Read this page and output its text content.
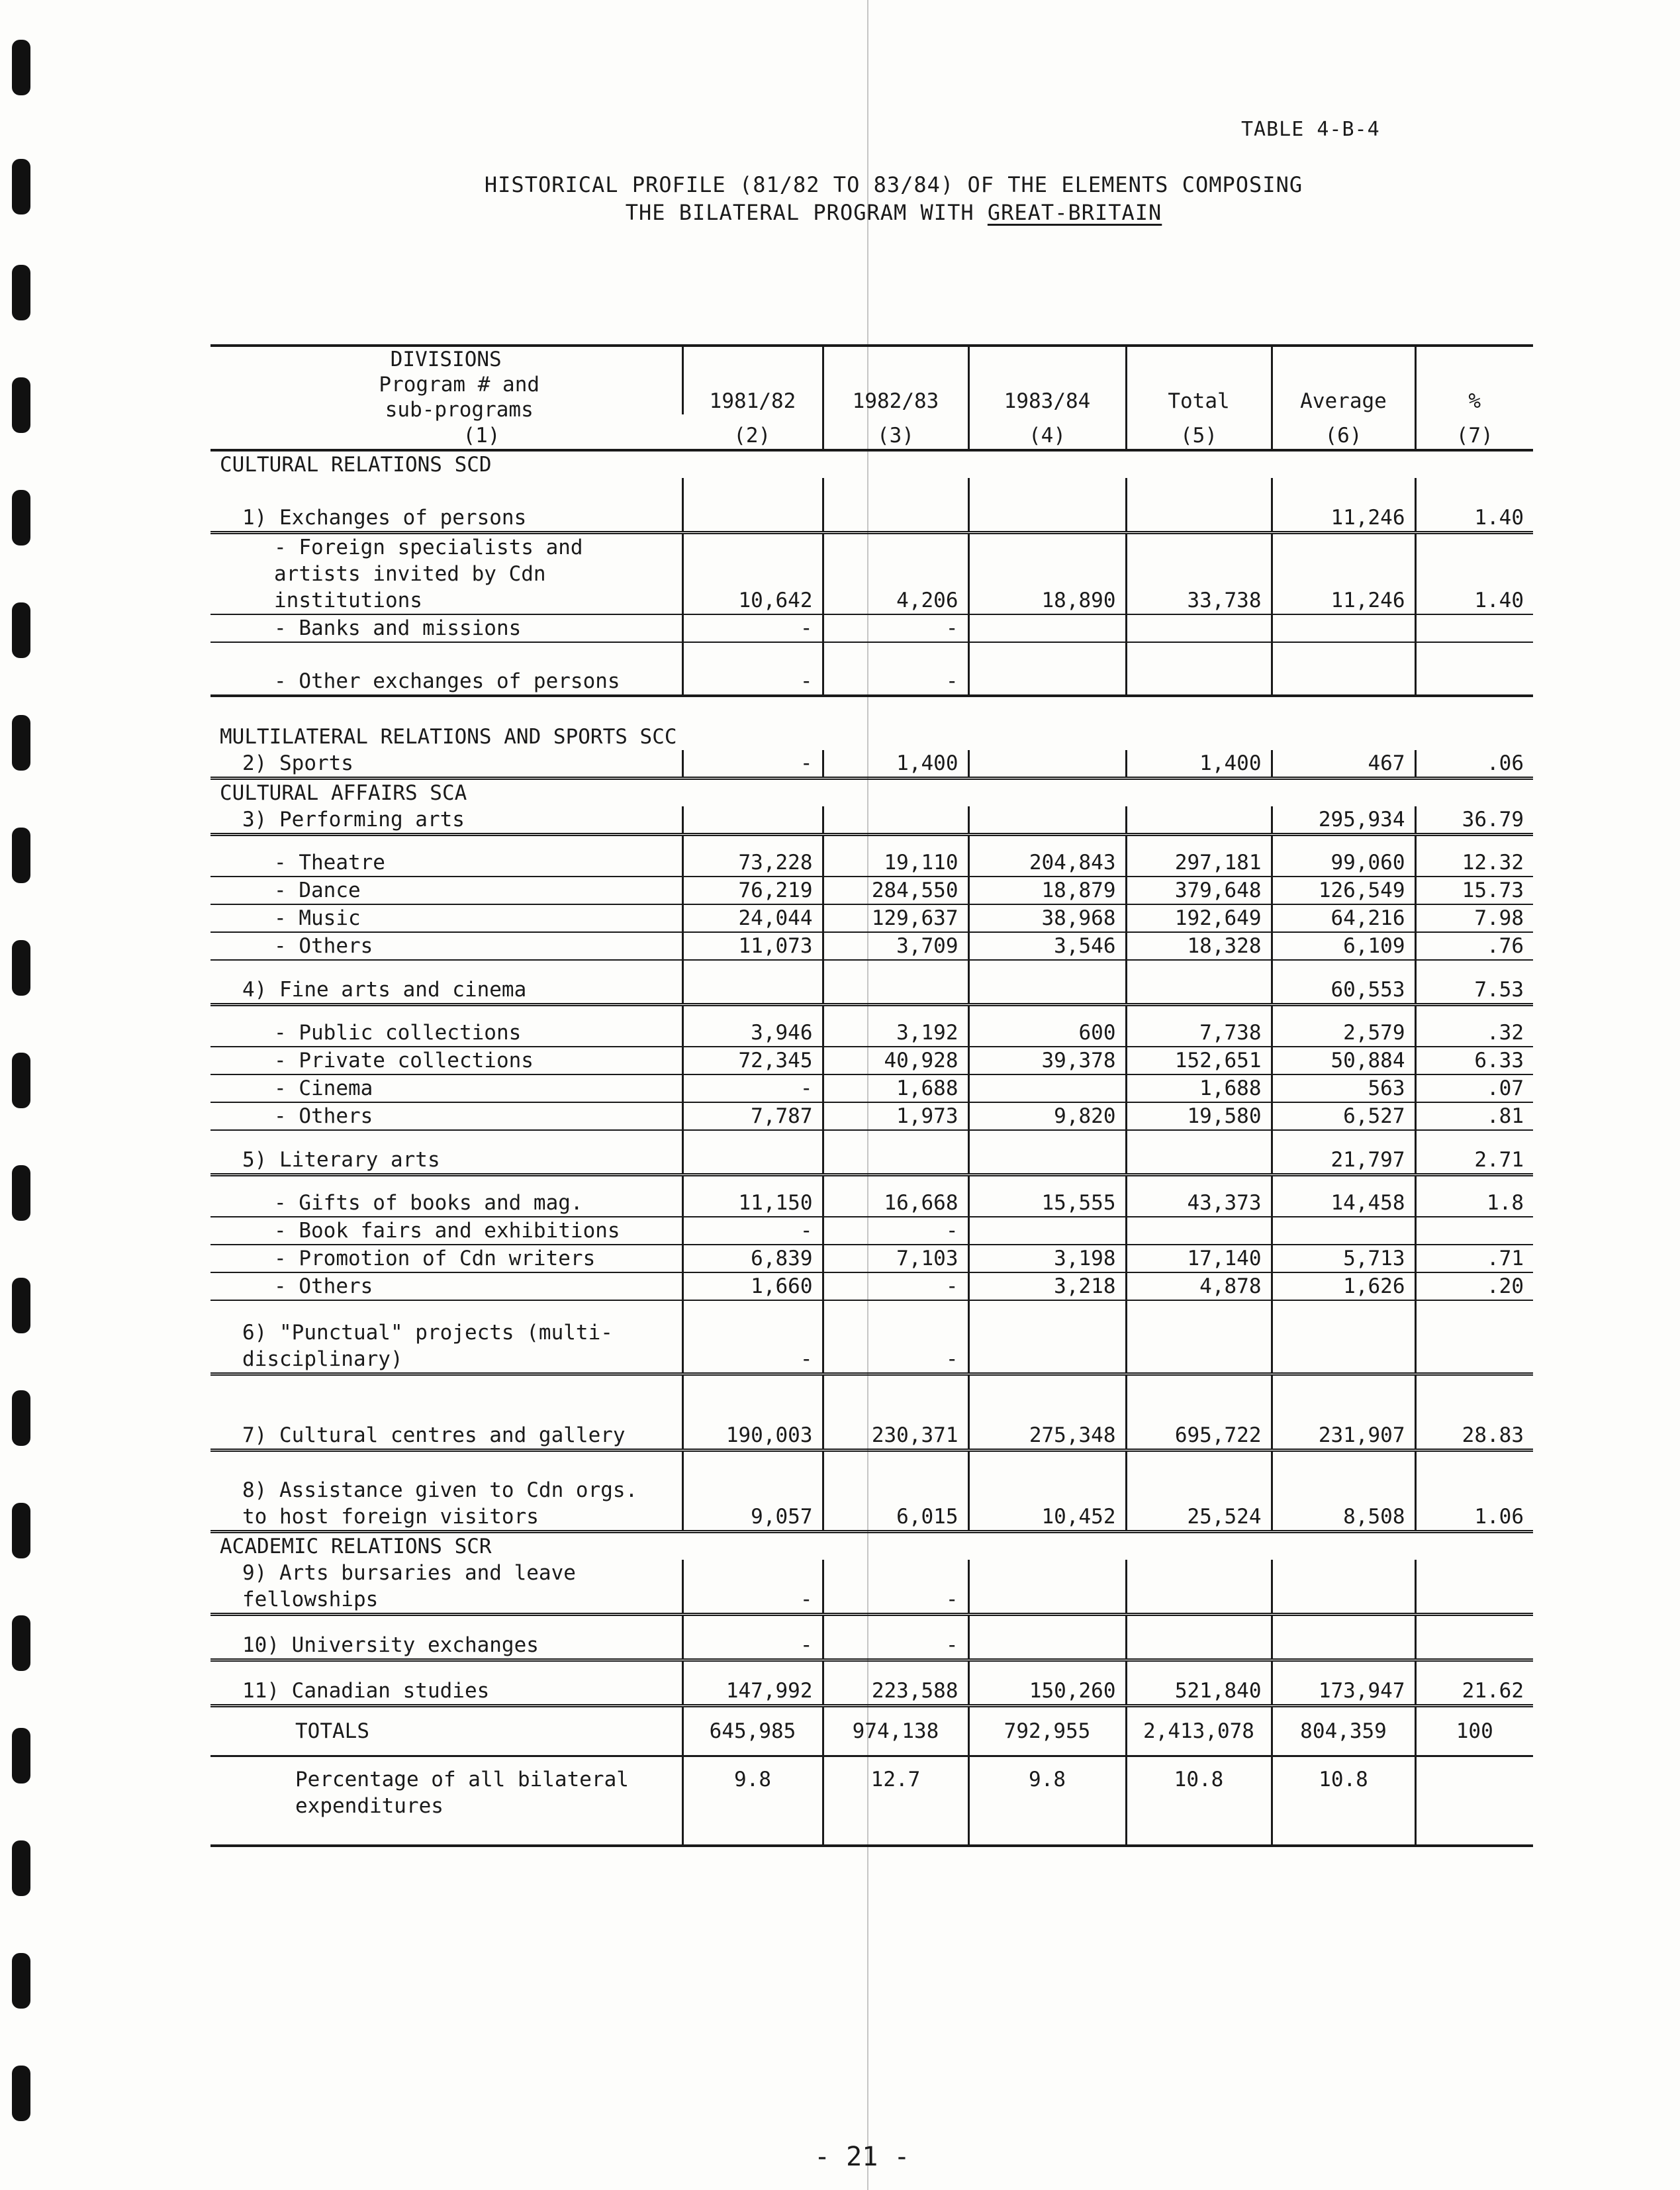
TABLE 4-B-4
HISTORICAL PROFILE (81/82 TO 83/84) OF THE ELEMENTS COMPOSING
THE BILATERAL PROGRAM WITH GREAT-BRITAIN
DIVISIONS
Program # and
sub-programs
(1)	1981/82	1982/83	1983/84	Total	Average	%
	(2)	(3)	(4)	(5)	(6)	(7)
CULTURAL RELATIONS SCD						
1) Exchanges of persons					11,246	1.40
- Foreign specialists and artists invited by Cdn institutions	10,642	4,206	18,890	33,738	11,246	1.40
- Banks and missions	-	-				
- Other exchanges of persons	-	-				
MULTILATERAL RELATIONS AND SPORTS SCC						
2) Sports	-	1,400		1,400	467	.06
CULTURAL AFFAIRS SCA						
3) Performing arts					295,934	36.79
- Theatre	73,228	19,110	204,843	297,181	99,060	12.32
- Dance	76,219	284,550	18,879	379,648	126,549	15.73
- Music	24,044	129,637	38,968	192,649	64,216	7.98
- Others	11,073	3,709	3,546	18,328	6,109	.76
4) Fine arts and cinema					60,553	7.53
- Public collections	3,946	3,192	600	7,738	2,579	.32
- Private collections	72,345	40,928	39,378	152,651	50,884	6.33
- Cinema	-	1,688		1,688	563	.07
- Others	7,787	1,973	9,820	19,580	6,527	.81
5) Literary arts					21,797	2.71
- Gifts of books and mag.	11,150	16,668	15,555	43,373	14,458	1.8
- Book fairs and exhibitions	-	-				
- Promotion of Cdn writers	6,839	7,103	3,198	17,140	5,713	.71
- Others	1,660	-	3,218	4,878	1,626	.20
6) "Punctual" projects (multi-disciplinary)	-	-				
7) Cultural centres and gallery	190,003	230,371	275,348	695,722	231,907	28.83
8) Assistance given to Cdn orgs. to host foreign visitors	9,057	6,015	10,452	25,524	8,508	1.06
ACADEMIC RELATIONS SCR						
9) Arts bursaries and leave fellowships	-	-				
10) University exchanges	-	-				
11) Canadian studies	147,992	223,588	150,260	521,840	173,947	21.62
TOTALS	645,985	974,138	792,955	2,413,078	804,359	100
Percentage of all bilateral expenditures	9.8	12.7	9.8	10.8	10.8	
- 21 -
